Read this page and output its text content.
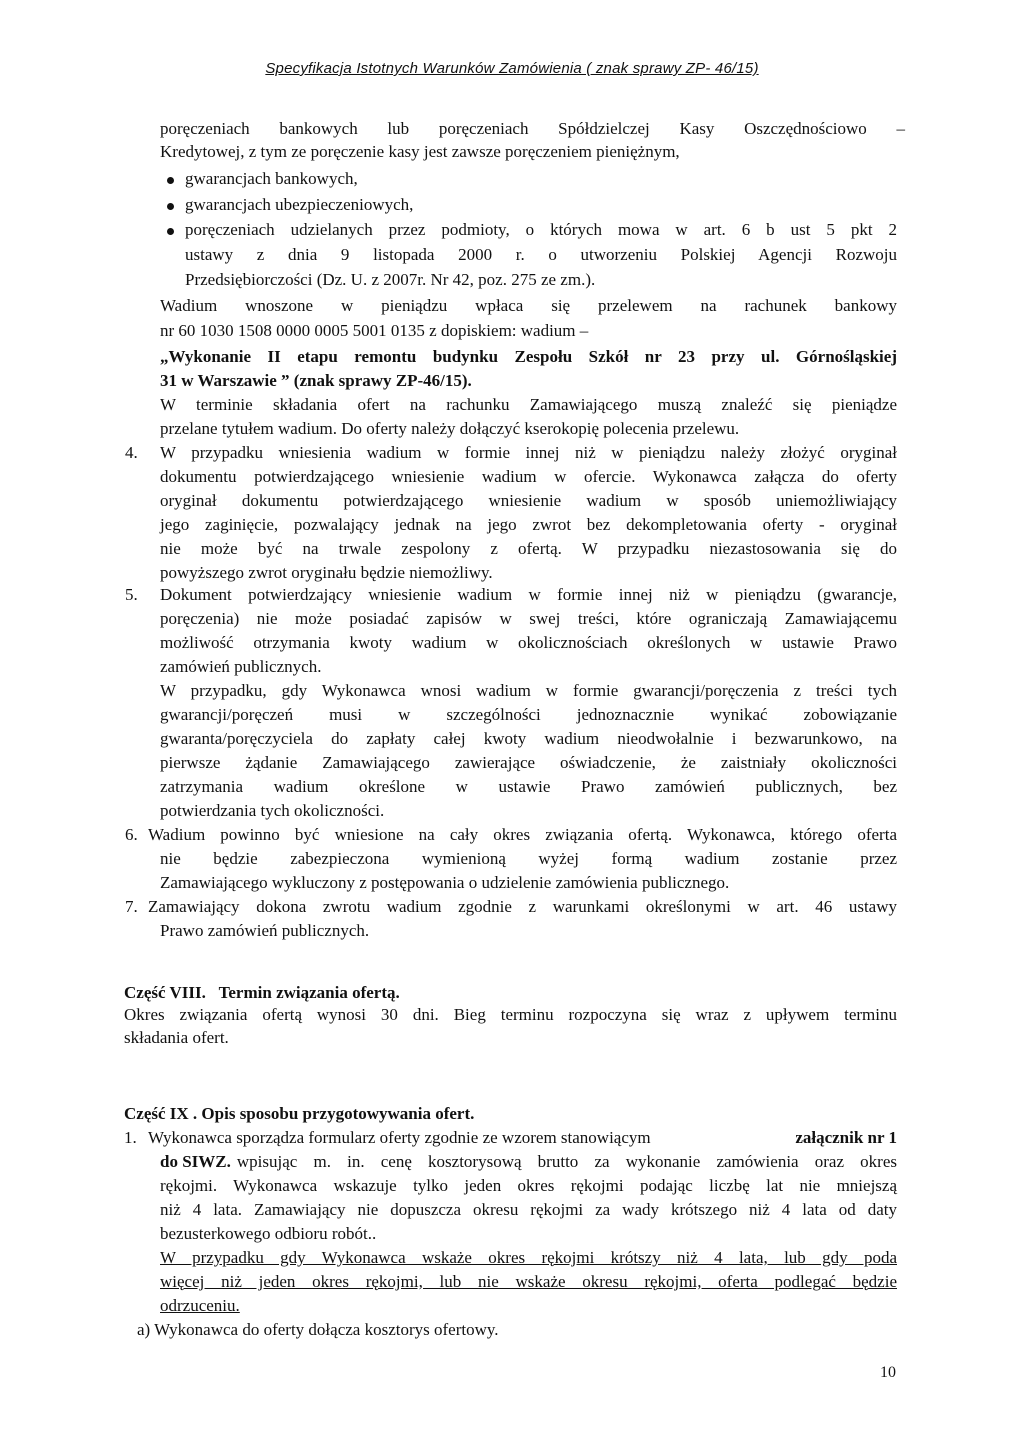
Specyfikacja Istotnych Warunków Zamówienia ( znak sprawy ZP- 46/15)
poręczeniach bankowych lub poręczeniach Spółdzielczej Kasy Oszczędnościowo –
Kredytowej, z tym ze poręczenie kasy jest zawsze poręczeniem pieniężnym,
gwarancjach bankowych,
gwarancjach ubezpieczeniowych,
poręczeniach udzielanych przez podmioty, o których mowa w art. 6 b ust 5 pkt 2
ustawy z dnia 9 listopada 2000 r. o utworzeniu Polskiej Agencji Rozwoju
Przedsiębiorczości (Dz. U. z 2007r. Nr 42, poz. 275 ze zm.).
Wadium wnoszone w pieniądzu wpłaca się przelewem na rachunek bankowy
nr 60 1030 1508 0000 0005 5001 0135 z dopiskiem: wadium –
„Wykonanie II etapu remontu budynku Zespołu Szkół nr 23 przy ul. Górnośląskiej
31 w Warszawie ” (znak sprawy ZP-46/15).
W terminie składania ofert na rachunku Zamawiającego muszą znaleźć się pieniądze
przelane tytułem wadium. Do oferty należy dołączyć kserokopię polecenia przelewu.
4. W przypadku wniesienia wadium w formie innej niż w pieniądzu należy złożyć oryginał
dokumentu potwierdzającego wniesienie wadium w ofercie. Wykonawca załącza do oferty
oryginał dokumentu potwierdzającego wniesienie wadium w sposób uniemożliwiający
jego zaginięcie, pozwalający jednak na jego zwrot bez dekompletowania oferty - oryginał
nie może być na trwale zespolony z ofertą. W przypadku niezastosowania się do
powyższego zwrot oryginału będzie niemożliwy.
5. Dokument potwierdzający wniesienie wadium w formie innej niż w pieniądzu (gwarancje,
poręczenia) nie może posiadać zapisów w swej treści, które ograniczają Zamawiającemu
możliwość otrzymania kwoty wadium w okolicznościach określonych w ustawie Prawo
zamówień publicznych.
W przypadku, gdy Wykonawca wnosi wadium w formie gwarancji/poręczenia z treści tych
gwarancji/poręczeń musi w szczególności jednoznacznie wynikać zobowiązanie
gwaranta/poręczyciela do zapłaty całej kwoty wadium nieodwołalnie i bezwarunkowo, na
pierwsze żądanie Zamawiającego zawierające oświadczenie, że zaistniały okoliczności
zatrzymania wadium określone w ustawie Prawo zamówień publicznych, bez
potwierdzania tych okoliczności.
6. Wadium powinno być wniesione na cały okres związania ofertą. Wykonawca, którego oferta
nie będzie zabezpieczona wymienioną wyżej formą wadium zostanie przez
Zamawiającego wykluczony z postępowania o udzielenie zamówienia publicznego.
7. Zamawiający dokona zwrotu wadium zgodnie z warunkami określonymi w art. 46 ustawy
Prawo zamówień publicznych.
Część VIII. Termin związania ofertą.
Okres związania ofertą wynosi 30 dni. Bieg terminu rozpoczyna się wraz z upływem terminu
składania ofert.
Część IX . Opis sposobu przygotowywania ofert.
1. Wykonawca sporządza formularz oferty zgodnie ze wzorem stanowiącym	załącznik nr 1
do SIWZ. wpisując m. in. cenę kosztorysową brutto za wykonanie zamówienia oraz okres
rękojmi. Wykonawca wskazuje tylko jeden okres rękojmi podając liczbę lat nie mniejszą
niż 4 lata. Zamawiający nie dopuszcza okresu rękojmi za wady krótszego niż 4 lata od daty
bezusterkowego odbioru robót..
W przypadku gdy Wykonawca wskaże okres rękojmi krótszy niż 4 lata, lub gdy poda
więcej niż jeden okres rękojmi, lub nie wskaże okresu rękojmi, oferta podlegać będzie
odrzuceniu.
a) Wykonawca do oferty dołącza kosztorys ofertowy.
10
